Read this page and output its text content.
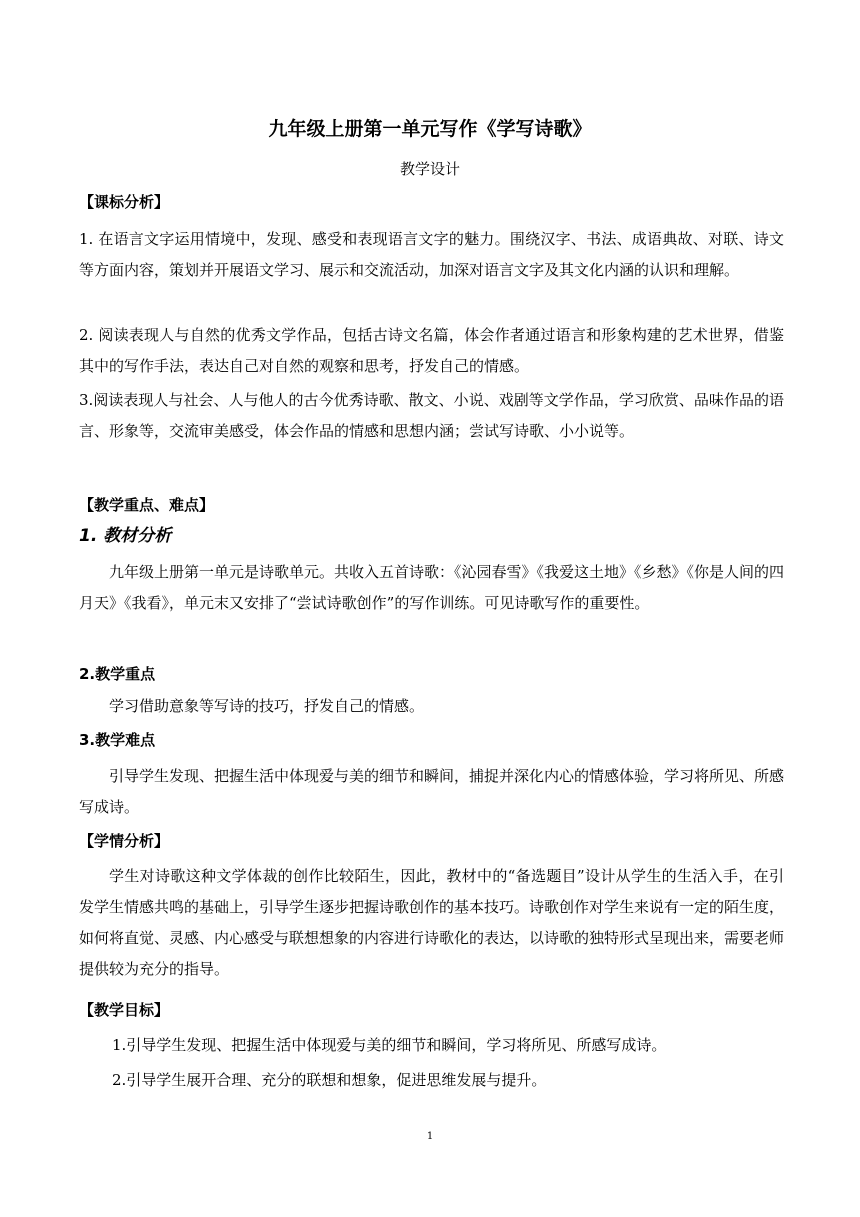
九年级上册第一单元写作《学写诗歌》
教学设计
【课标分析】
1. 在语言文字运用情境中，发现、感受和表现语言文字的魅力。围绕汉字、书法、成语典故、对联、诗文等方面内容，策划并开展语文学习、展示和交流活动，加深对语言文字及其文化内涵的认识和理解。
2. 阅读表现人与自然的优秀文学作品，包括古诗文名篇，体会作者通过语言和形象构建的艺术世界，借鉴其中的写作手法，表达自己对自然的观察和思考，抒发自己的情感。
3.阅读表现人与社会、人与他人的古今优秀诗歌、散文、小说、戏剧等文学作品，学习欣赏、品味作品的语言、形象等，交流审美感受，体会作品的情感和思想内涵；尝试写诗歌、小小说等。
【教学重点、难点】
1. 教材分析
九年级上册第一单元是诗歌单元。共收入五首诗歌：《沁园春雪》《我爱这土地》《乡愁》《你是人间的四月天》《我看》，单元末又安排了“尝试诗歌创作”的写作训练。可见诗歌写作的重要性。
2.教学重点
学习借助意象等写诗的技巧，抒发自己的情感。
3.教学难点
引导学生发现、把握生活中体现爱与美的细节和瞬间，捕捉并深化内心的情感体验，学习将所见、所感写成诗。
【学情分析】
学生对诗歌这种文学体裁的创作比较陌生，因此，教材中的“备选题目”设计从学生的生活入手，在引发学生情感共鸣的基础上，引导学生逐步把握诗歌创作的基本技巧。诗歌创作对学生来说有一定的陌生度，如何将直觉、灵感、内心感受与联想想象的内容进行诗歌化的表达，以诗歌的独特形式呈现出来，需要老师提供较为充分的指导。
【教学目标】
1.引导学生发现、把握生活中体现爱与美的细节和瞬间，学习将所见、所感写成诗。
2.引导学生展开合理、充分的联想和想象，促进思维发展与提升。
1
